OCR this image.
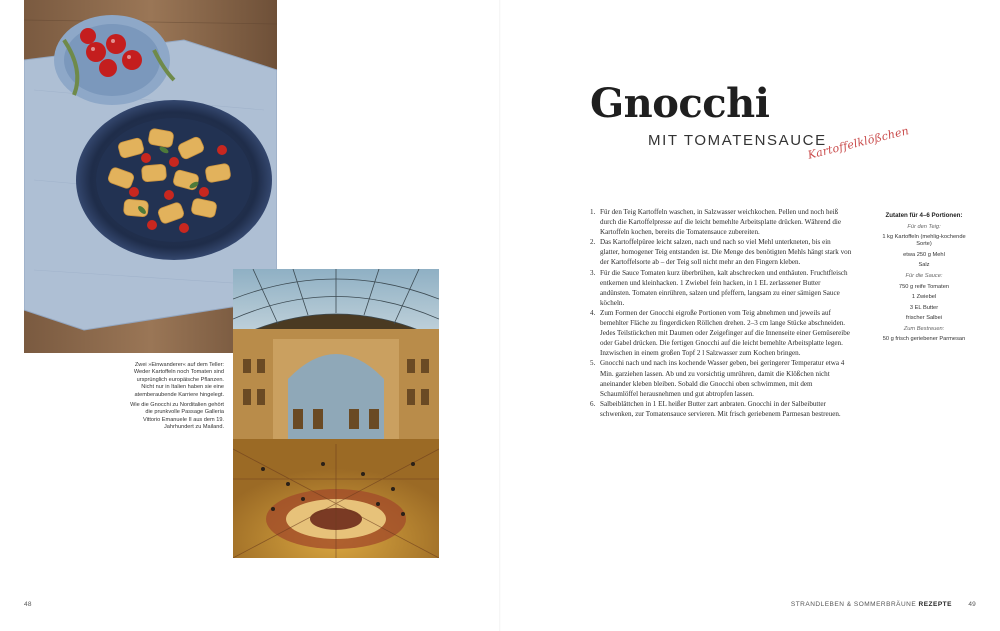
Zwei »Einwanderer« auf dem Teller: Weder Kartoffeln noch Tomaten sind ursprünglich europäische Pflanzen. Nicht nur in Italien haben sie eine atemberaubende Karriere hingelegt.

Wie die Gnocchi zu Norditalien gehört die prunkvolle Passage Galleria Vittorio Emanuele II aus dem 19. Jahrhundert zu Mailand.

48
Gnocchi
MIT TOMATENSAUCE
Kartoffelklößchen
1. Für den Teig Kartoffeln waschen, in Salzwasser weichkochen. Pellen und noch heiß durch die Kartoffelpresse auf die leicht bemehlte Arbeitsplatte drücken. Während die Kartoffeln kochen, bereits die Tomatensauce zubereiten.
2. Das Kartoffelpüree leicht salzen, nach und nach so viel Mehl unterkneten, bis ein glatter, homogener Teig entstanden ist. Die Menge des benötigten Mehls hängt stark von der Kartoffelsorte ab – der Teig soll nicht mehr an den Fingern kleben.
3. Für die Sauce Tomaten kurz überbrühen, kalt abschrecken und enthäuten. Fruchtfleisch entkernen und kleinhacken. 1 Zwiebel fein hacken, in 1 EL zerlassener Butter andünsten. Tomaten einrühren, salzen und pfeffern, langsam zu einer sämigen Sauce köcheln.
4. Zum Formen der Gnocchi eigroße Portionen vom Teig abnehmen und jeweils auf bemehlter Fläche zu fingerdicken Röllchen drehen. 2–3 cm lange Stücke abschneiden. Jedes Teilstückchen mit Daumen oder Zeigefinger auf die Innenseite einer Gemüsereibe oder Gabel drücken. Die fertigen Gnocchi auf die leicht bemehlte Arbeitsplatte legen. Inzwischen in einem großen Topf 2 l Salzwasser zum Kochen bringen.
5. Gnocchi nach und nach ins kochende Wasser geben, bei geringerer Temperatur etwa 4 Min. garziehen lassen. Ab und zu vorsichtig umrühren, damit die Klößchen nicht aneinander kleben bleiben. Sobald die Gnocchi oben schwimmen, mit dem Schaumlöffel herausnehmen und gut abtropfen lassen.
6. Salbeiblättchen in 1 EL heißer Butter zart anbraten. Gnocchi in der Salbeibutter schwenken, zur Tomatensauce servieren. Mit frisch geriebenem Parmesan bestreuen.
Zutaten für 4–6 Portionen:
Für den Teig:
1 kg Kartoffeln (mehlig-kochende Sorte)
etwa 250 g Mehl
Salz
Für die Sauce:
750 g reife Tomaten
1 Zwiebel
3 EL Butter
frischer Salbei
Zum Bestreuen:
50 g frisch geriebener Parmesan
STRANDLEBEN & SOMMERBRÄUNE REZEPTE	49
